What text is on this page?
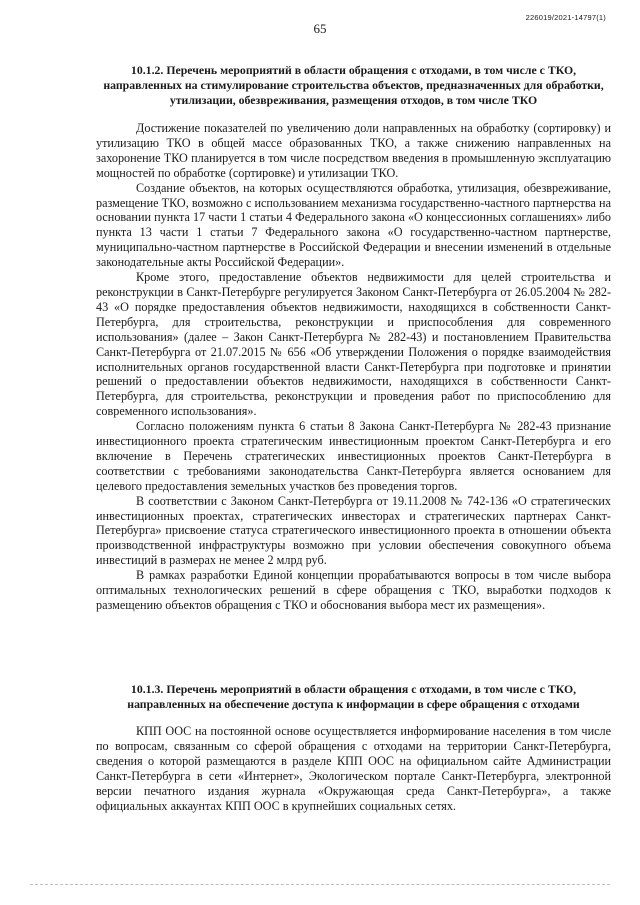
65
226019/2021-14797(1)
10.1.2. Перечень мероприятий в области обращения с отходами, в том числе с ТКО, направленных на стимулирование строительства объектов, предназначенных для обработки, утилизации, обезвреживания, размещения отходов, в том числе ТКО

Достижение показателей по увеличению доли направленных на обработку (сортировку) и утилизацию ТКО в общей массе образованных ТКО, а также снижению направленных на захоронение ТКО планируется в том числе посредством введения в промышленную эксплуатацию мощностей по обработке (сортировке) и утилизации ТКО.

Создание объектов, на которых осуществляются обработка, утилизация, обезвреживание, размещение ТКО, возможно с использованием механизма государственно-частного партнерства на основании пункта 17 части 1 статьи 4 Федерального закона «О концессионных соглашениях» либо пункта 13 части 1 статьи 7 Федерального закона «О государственно-частном партнерстве, муниципально-частном партнерстве в Российской Федерации и внесении изменений в отдельные законодательные акты Российской Федерации».

Кроме этого, предоставление объектов недвижимости для целей строительства и реконструкции в Санкт-Петербурге регулируется Законом Санкт-Петербурга от 26.05.2004 № 282-43 «О порядке предоставления объектов недвижимости, находящихся в собственности Санкт-Петербурга, для строительства, реконструкции и приспособления для современного использования» (далее – Закон Санкт-Петербурга № 282-43) и постановлением Правительства Санкт-Петербурга от 21.07.2015 № 656 «Об утверждении Положения о порядке взаимодействия исполнительных органов государственной власти Санкт-Петербурга при подготовке и принятии решений о предоставлении объектов недвижимости, находящихся в собственности Санкт-Петербурга, для строительства, реконструкции и проведения работ по приспособлению для современного использования».

Согласно положениям пункта 6 статьи 8 Закона Санкт-Петербурга № 282-43 признание инвестиционного проекта стратегическим инвестиционным проектом Санкт-Петербурга и его включение в Перечень стратегических инвестиционных проектов Санкт-Петербурга в соответствии с требованиями законодательства Санкт-Петербурга является основанием для целевого предоставления земельных участков без проведения торгов.

В соответствии с Законом Санкт-Петербурга от 19.11.2008 № 742-136 «О стратегических инвестиционных проектах, стратегических инвесторах и стратегических партнерах Санкт-Петербурга» присвоение статуса стратегического инвестиционного проекта в отношении объекта производственной инфраструктуры возможно при условии обеспечения совокупного объема инвестиций в размерах не менее 2 млрд руб.

В рамках разработки Единой концепции прорабатываются вопросы в том числе выбора оптимальных технологических решений в сфере обращения с ТКО, выработки подходов к размещению объектов обращения с ТКО и обоснования выбора мест их размещения».

10.1.3. Перечень мероприятий в области обращения с отходами, в том числе с ТКО, направленных на обеспечение доступа к информации в сфере обращения с отходами

КПП ООС на постоянной основе осуществляется информирование населения в том числе по вопросам, связанным со сферой обращения с отходами на территории Санкт-Петербурга, сведения о которой размещаются в разделе КПП ООС на официальном сайте Администрации Санкт-Петербурга в сети «Интернет», Экологическом портале Санкт-Петербурга, электронной версии печатного издания журнала «Окружающая среда Санкт-Петербурга», а также официальных аккаунтах КПП ООС в крупнейших социальных сетях.
